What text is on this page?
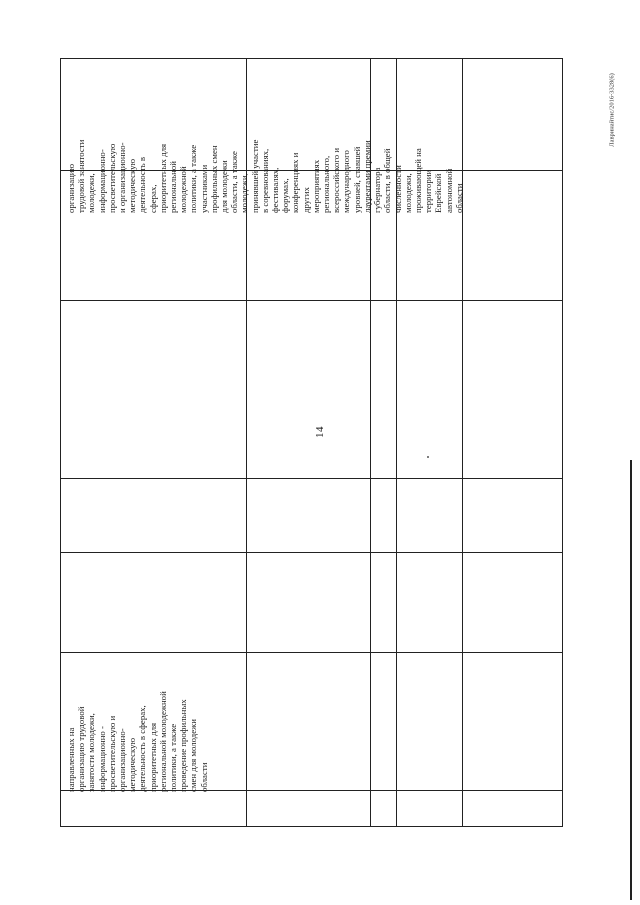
14
Лавринайтис/2016-3328(6)
направленных на организацию трудовой занятости молодежи, информационно - просветительскую и организационно- методическую деятельность в сферах, приоритетных для региональной молодежной политики, а также проведение профильных смен для молодежи области
организацию трудовой занятости молодежи, информационно- просветительскую и организационно- методическую деятельность в сферах, приоритетных для региональной молодежной политики, а также участниками профильных смен для молодежи области, а также молодежи, принявшей участие в соревнованиях, фестивалях, форумах, конференциях и других мероприятиях регионального, всероссийского и международного уровней, ставшей лауреатами премии губернатора области, в общей численности молодежи, проживающей на территории Еврейской автономной области
